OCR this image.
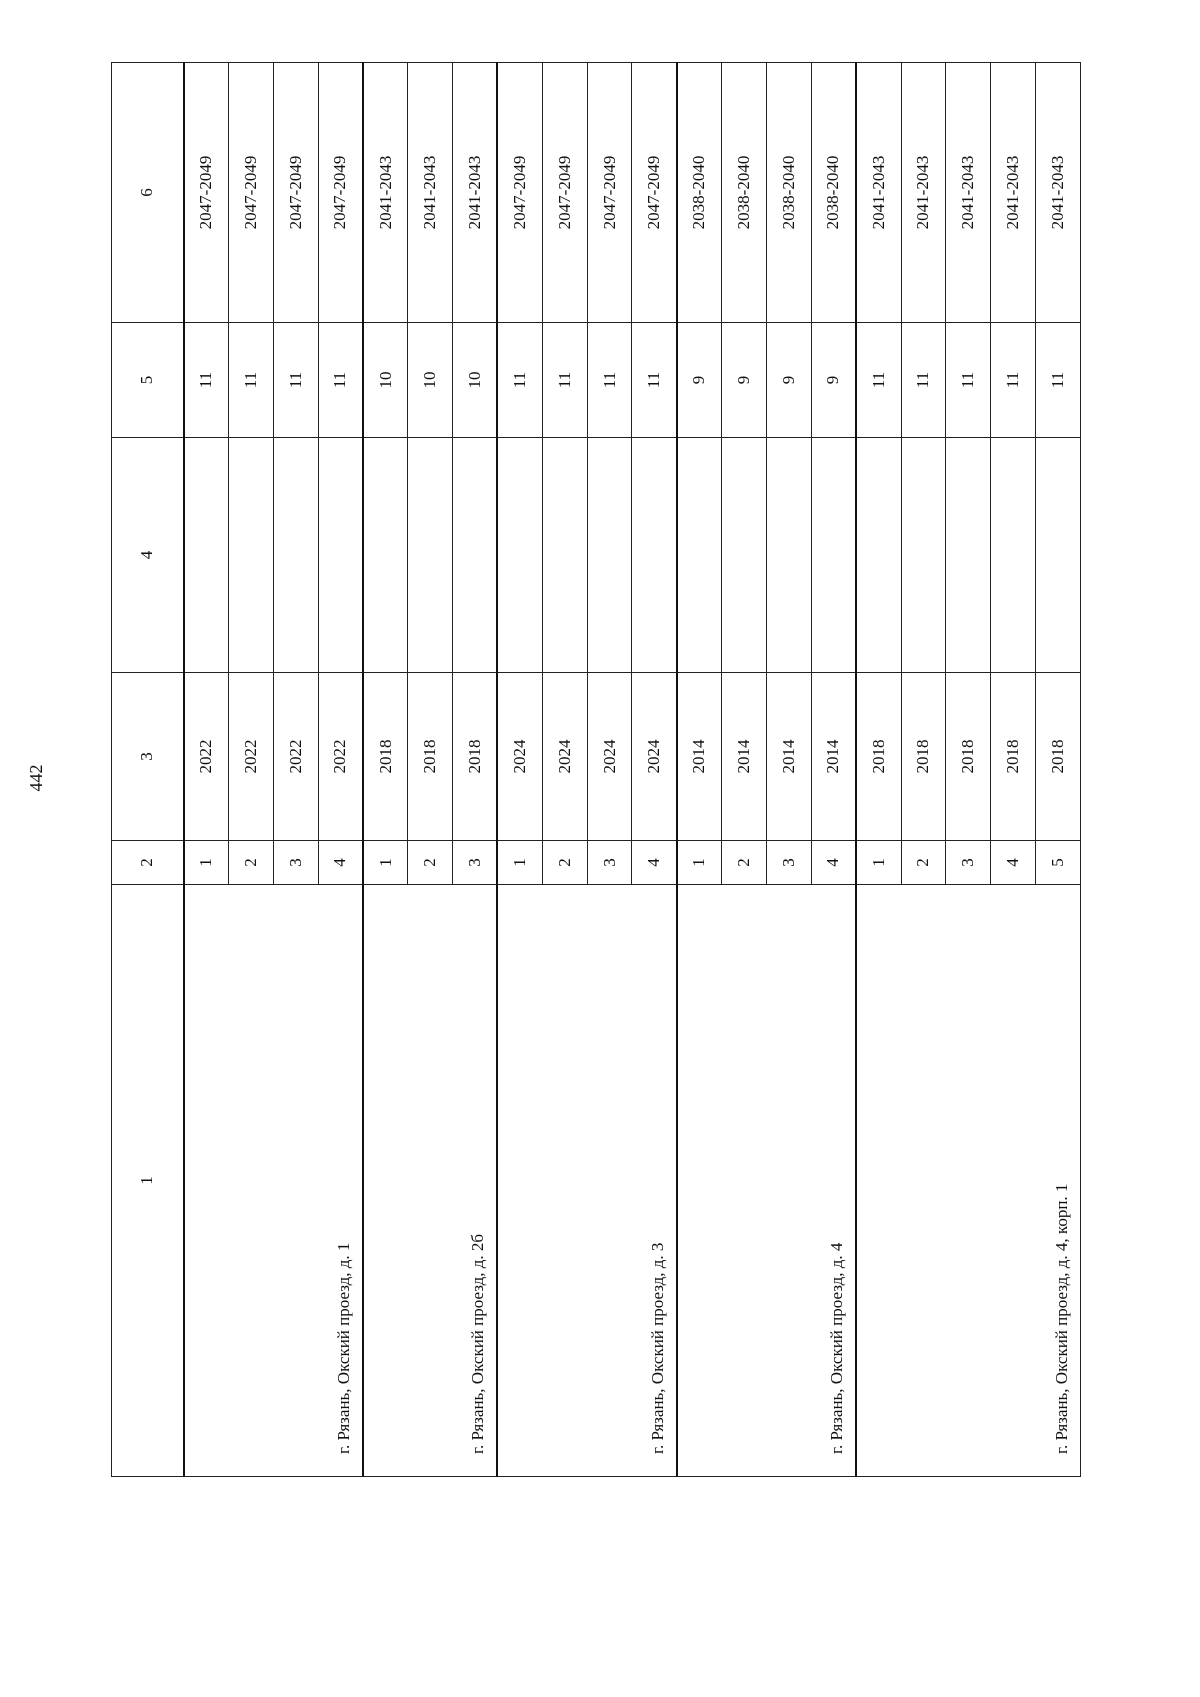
442
1	2	3	4	5	6
г. Рязань, Окский проезд, д. 1	1	2022		11	2047-2049
	2	2022		11	2047-2049
	3	2022		11	2047-2049
	4	2022		11	2047-2049
г. Рязань, Окский проезд, д. 2б	1	2018		10	2041-2043
	2	2018		10	2041-2043
	3	2018		10	2041-2043
г. Рязань, Окский проезд, д. 3	1	2024		11	2047-2049
	2	2024		11	2047-2049
	3	2024		11	2047-2049
	4	2024		11	2047-2049
г. Рязань, Окский проезд, д. 4	1	2014		9	2038-2040
	2	2014		9	2038-2040
	3	2014		9	2038-2040
	4	2014		9	2038-2040
г. Рязань, Окский проезд, д. 4, корп. 1	1	2018		11	2041-2043
	2	2018		11	2041-2043
	3	2018		11	2041-2043
	4	2018		11	2041-2043
	5	2018		11	2041-2043
